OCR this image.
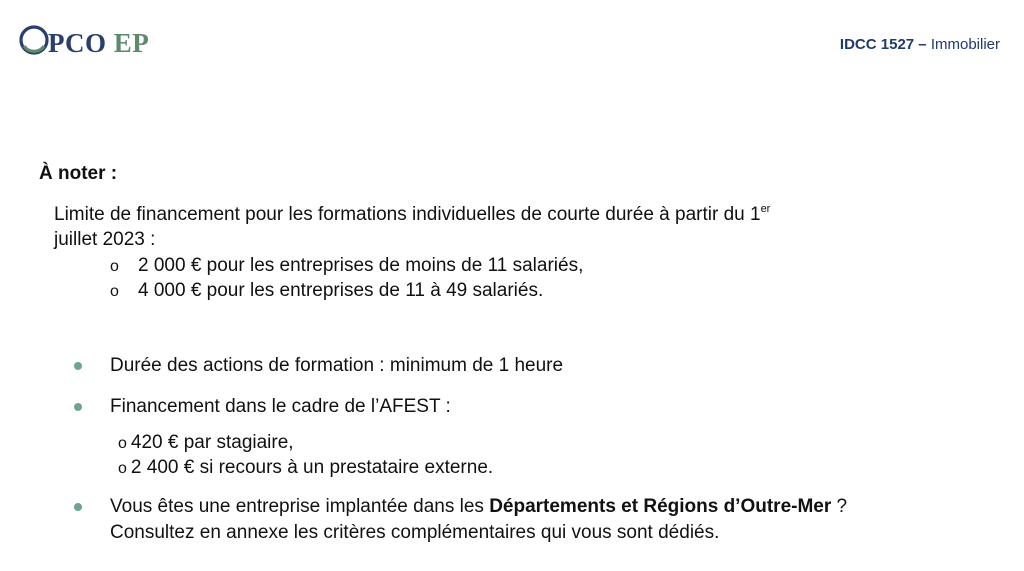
PCO EP	IDCC 1527 – Immobilier
À noter :
Limite de financement pour les formations individuelles de courte durée à partir du 1er
juillet 2023 :
o 2 000 € pour les entreprises de moins de 11 salariés,
o 4 000 € pour les entreprises de 11 à 49 salariés.
Durée des actions de formation : minimum de 1 heure
Financement dans le cadre de l’AFEST :
o 420 € par stagiaire,
o 2 400 € si recours à un prestataire externe.
Vous êtes une entreprise implantée dans les Départements et Régions d’Outre-Mer ? Consultez en annexe les critères complémentaires qui vous sont dédiés.
